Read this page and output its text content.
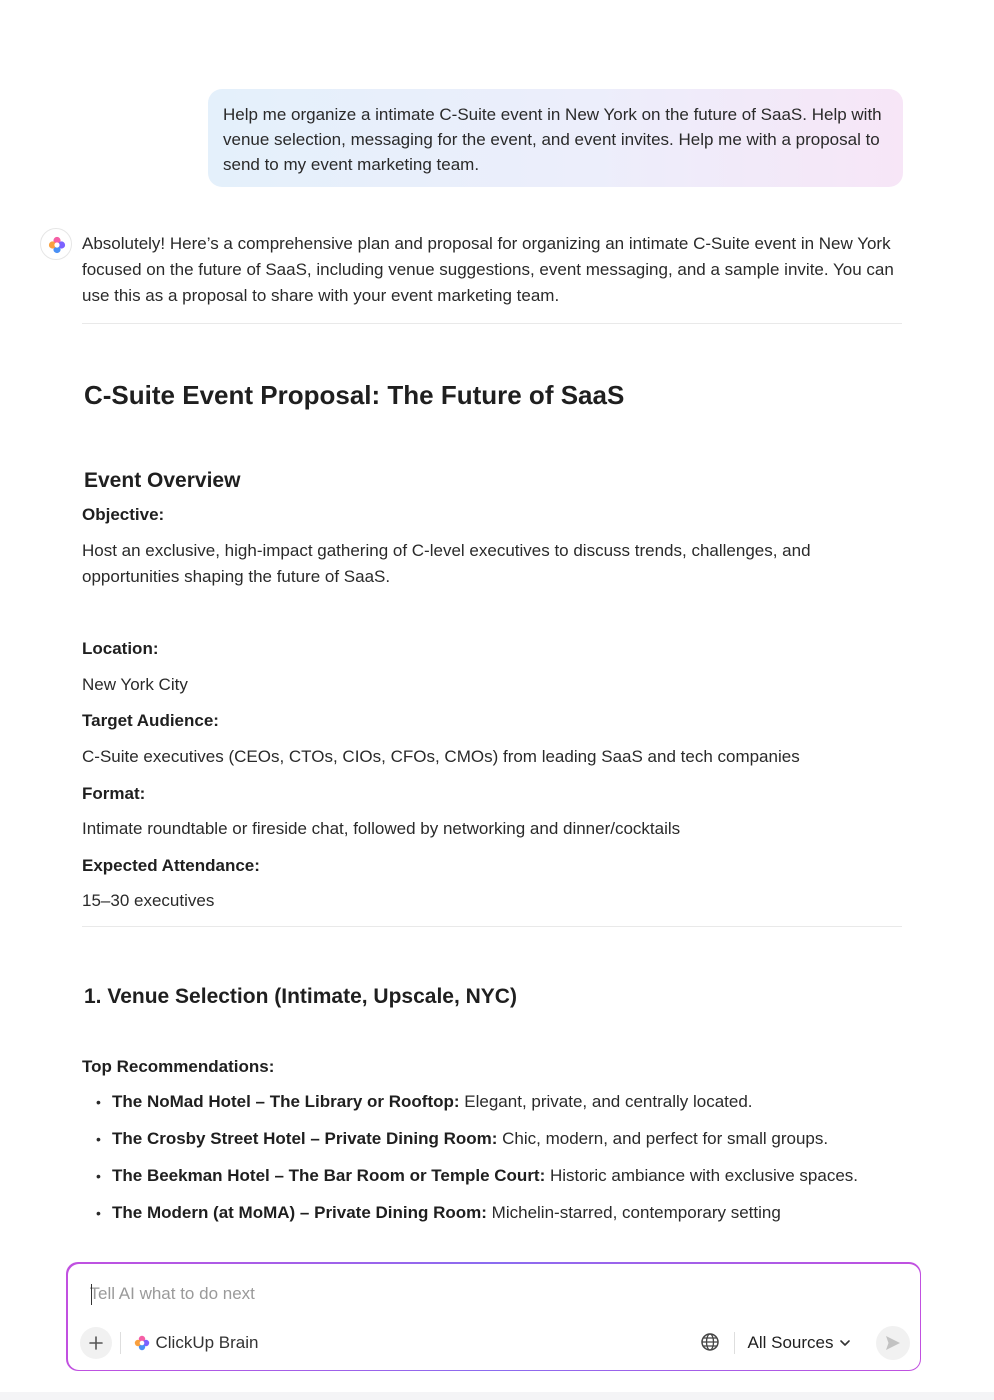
Help me organize a intimate C-Suite event in New York on the future of SaaS. Help with venue selection, messaging for the event, and event invites. Help me with a proposal to send to my event marketing team.

Absolutely! Here’s a comprehensive plan and proposal for organizing an intimate C-Suite event in New York focused on the future of SaaS, including venue suggestions, event messaging, and a sample invite. You can use this as a proposal to share with your event marketing team.

C-Suite Event Proposal: The Future of SaaS
Event Overview

Objective:

Host an exclusive, high-impact gathering of C-level executives to discuss trends, challenges, and opportunities shaping the future of SaaS.

Location:

New York City

Target Audience:

C-Suite executives (CEOs, CTOs, CIOs, CFOs, CMOs) from leading SaaS and tech companies

Format:

Intimate roundtable or fireside chat, followed by networking and dinner/cocktails

Expected Attendance:

15–30 executives

1. Venue Selection (Intimate, Upscale, NYC)

Top Recommendations:

• The NoMad Hotel – The Library or Rooftop: Elegant, private, and centrally located.
• The Crosby Street Hotel – Private Dining Room: Chic, modern, and perfect for small groups.
• The Beekman Hotel – The Bar Room or Temple Court: Historic ambiance with exclusive spaces.
• The Modern (at MoMA) – Private Dining Room: Michelin-starred, contemporary setting
Tell AI what to do next
ClickUp Brain	All Sources
